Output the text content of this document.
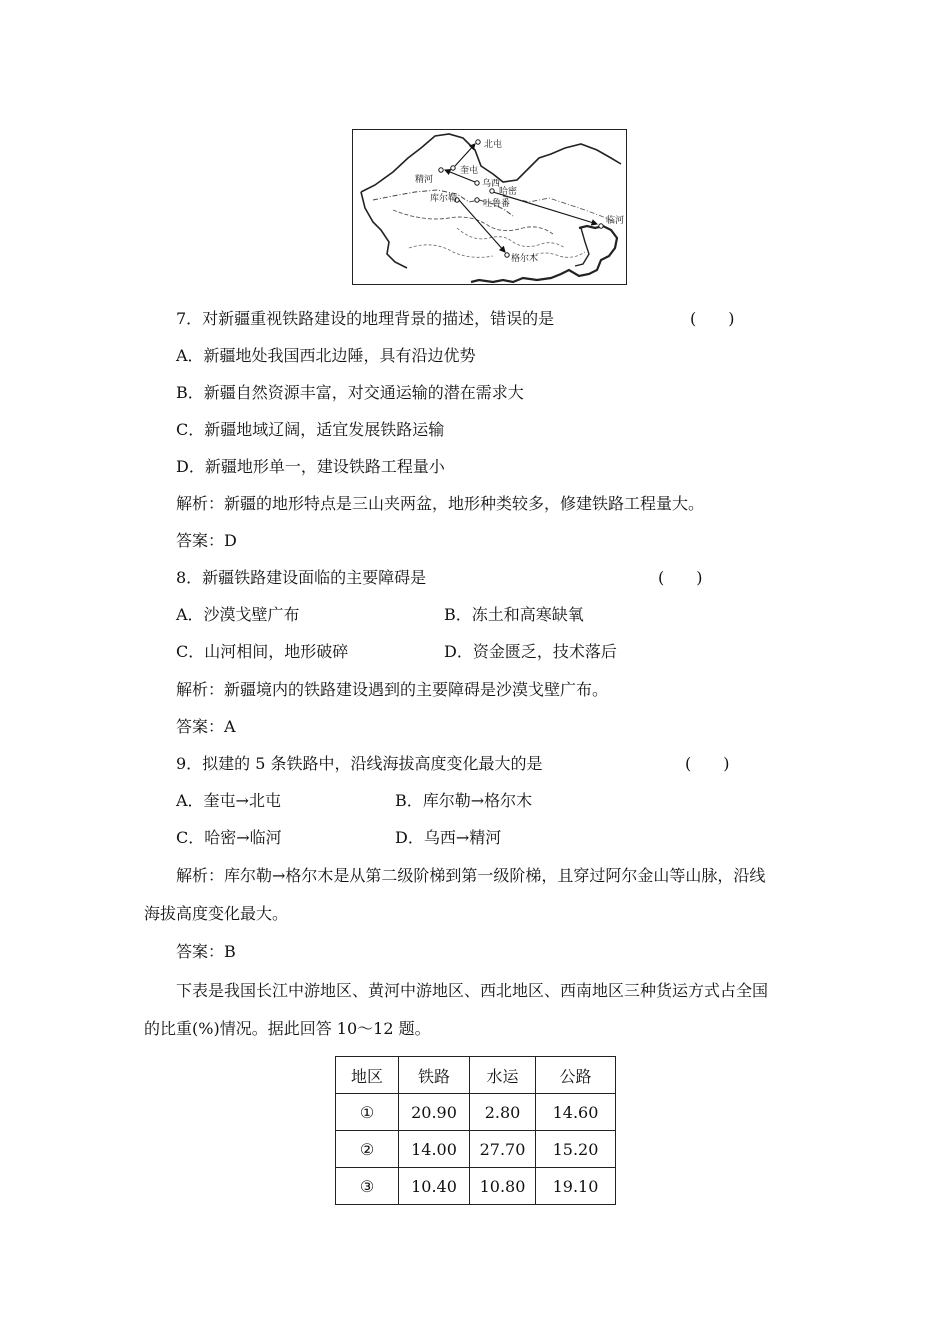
北屯
奎屯
精河	乌西
哈密
库尔勒	吐鲁番
临河
格尔木
7．对新疆重视铁路建设的地理背景的描述，错误的是	(　　)
A．新疆地处我国西北边陲，具有沿边优势
B．新疆自然资源丰富，对交通运输的潜在需求大
C．新疆地域辽阔，适宜发展铁路运输
D．新疆地形单一，建设铁路工程量小
解析：新疆的地形特点是三山夹两盆，地形种类较多，修建铁路工程量大。
答案：D
8．新疆铁路建设面临的主要障碍是	(　　)
A．沙漠戈壁广布	B．冻土和高寒缺氧
C．山河相间，地形破碎	D．资金匮乏，技术落后
解析：新疆境内的铁路建设遇到的主要障碍是沙漠戈壁广布。
答案：A
9．拟建的 5 条铁路中，沿线海拔高度变化最大的是	(　　)
A．奎屯→北屯	B．库尔勒→格尔木
C．哈密→临河	D．乌西→精河
解析：库尔勒→格尔木是从第二级阶梯到第一级阶梯，且穿过阿尔金山等山脉，沿线
海拔高度变化最大。
答案：B
下表是我国长江中游地区、黄河中游地区、西北地区、西南地区三种货运方式占全国
的比重(%)情况。据此回答 10～12 题。
地区	铁路	水运	公路
①	20.90	2.80	14.60
②	14.00	27.70	15.20
③	10.40	10.80	19.10
